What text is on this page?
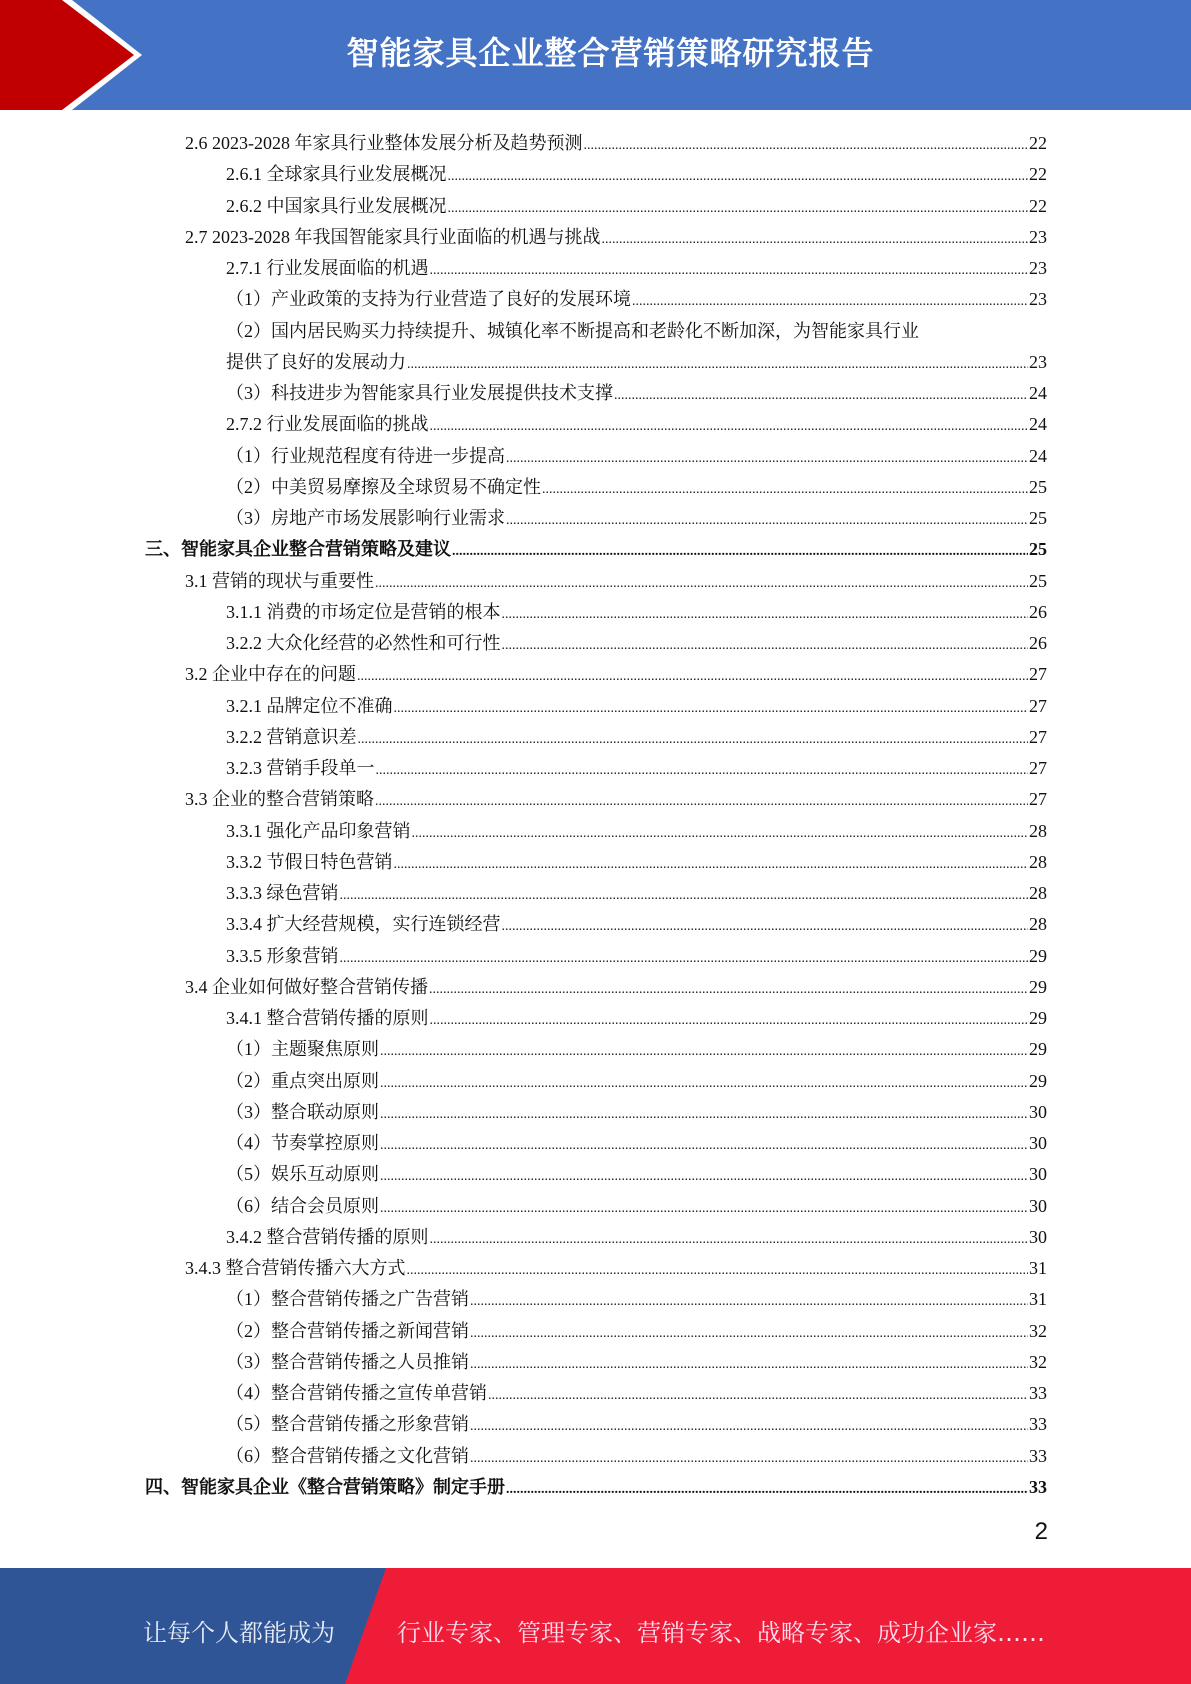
智能家具企业整合营销策略研究报告
2.6 2023-2028 年家具行业整体发展分析及趋势预测 .....	22
2.6.1 全球家具行业发展概况 .....	22
2.6.2 中国家具行业发展概况 .....	22
2.7 2023-2028 年我国智能家具行业面临的机遇与挑战 .....	23
2.7.1 行业发展面临的机遇 .....	23
（1）产业政策的支持为行业营造了良好的发展环境 .....	23
（2）国内居民购买力持续提升、城镇化率不断提高和老龄化不断加深，为智能家具行业
提供了良好的发展动力 .....	23
（3）科技进步为智能家具行业发展提供技术支撑 .....	24
2.7.2 行业发展面临的挑战 .....	24
（1）行业规范程度有待进一步提高 .....	24
（2）中美贸易摩擦及全球贸易不确定性 .....	25
（3）房地产市场发展影响行业需求 .....	25
三、智能家具企业整合营销策略及建议 .....	25
3.1 营销的现状与重要性 .....	25
3.1.1 消费的市场定位是营销的根本 .....	26
3.2.2 大众化经营的必然性和可行性 .....	26
3.2 企业中存在的问题 .....	27
3.2.1 品牌定位不准确 .....	27
3.2.2 营销意识差 .....	27
3.2.3 营销手段单一 .....	27
3.3 企业的整合营销策略 .....	27
3.3.1 强化产品印象营销 .....	28
3.3.2 节假日特色营销 .....	28
3.3.3 绿色营销 .....	28
3.3.4 扩大经营规模，实行连锁经营 .....	28
3.3.5 形象营销 .....	29
3.4 企业如何做好整合营销传播 .....	29
3.4.1 整合营销传播的原则 .....	29
（1）主题聚焦原则 .....	29
（2）重点突出原则 .....	29
（3）整合联动原则 .....	30
（4）节奏掌控原则 .....	30
（5）娱乐互动原则 .....	30
（6）结合会员原则 .....	30
3.4.2 整合营销传播的原则 .....	30
3.4.3 整合营销传播六大方式 .....	31
（1）整合营销传播之广告营销 .....	31
（2）整合营销传播之新闻营销 .....	32
（3）整合营销传播之人员推销 .....	32
（4）整合营销传播之宣传单营销 .....	33
（5）整合营销传播之形象营销 .....	33
（6）整合营销传播之文化营销 .....	33
四、智能家具企业《整合营销策略》制定手册 .....	33
2
让每个人都能成为	行业专家、管理专家、营销专家、战略专家、成功企业家……
